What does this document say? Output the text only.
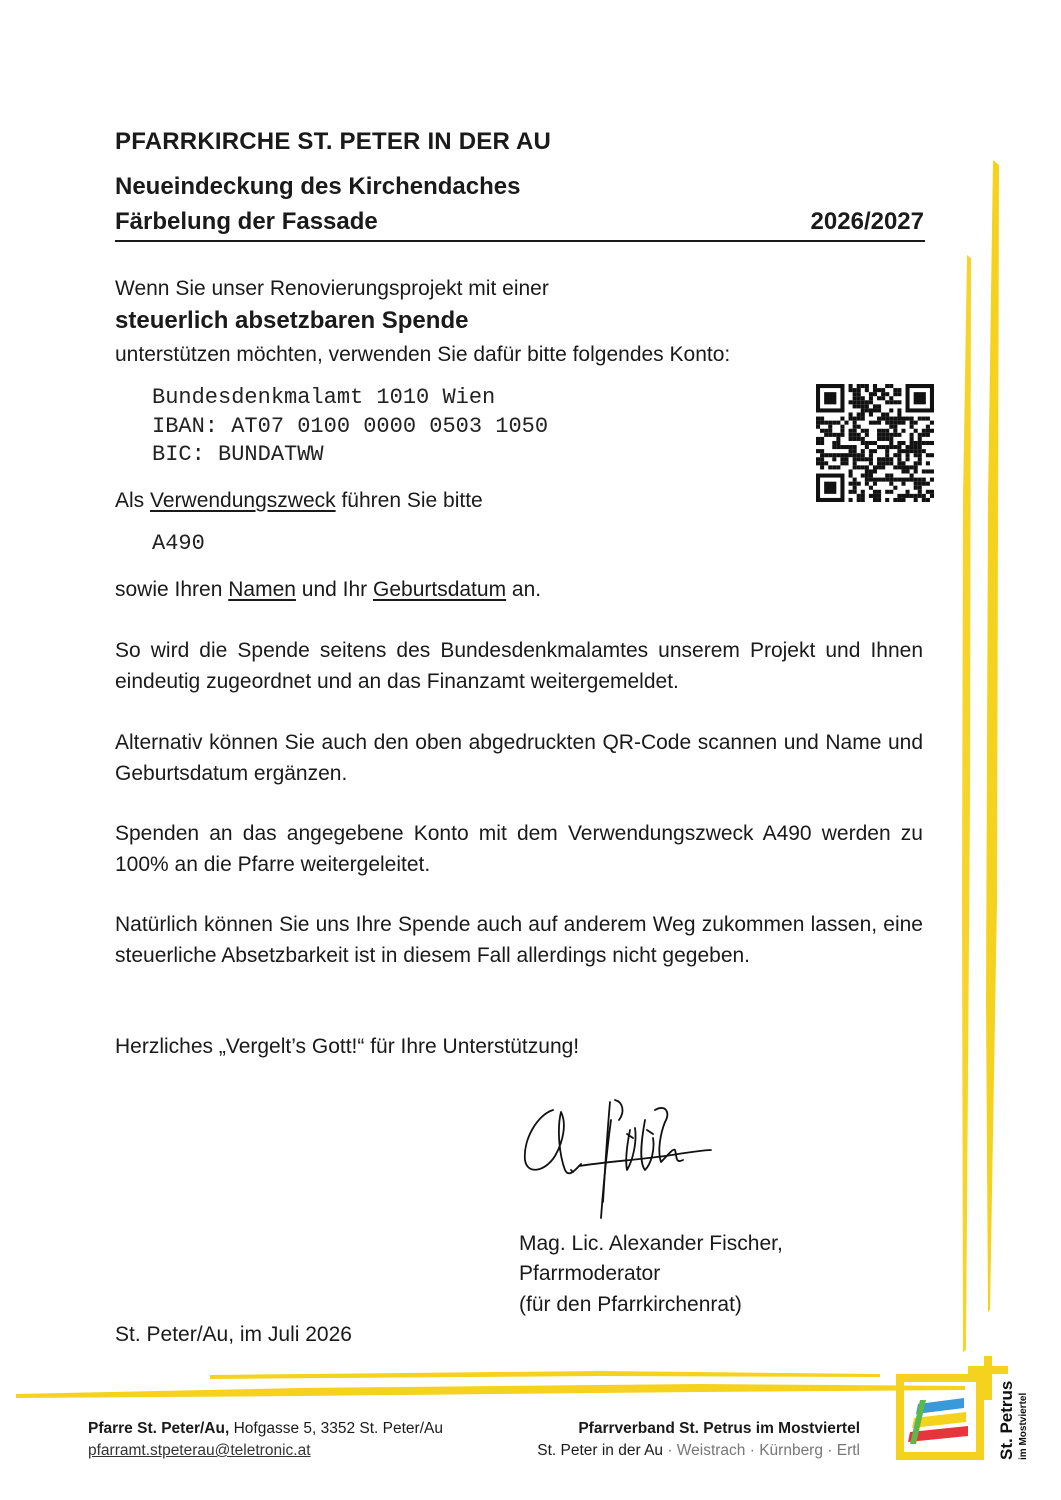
PFARRKIRCHE ST. PETER IN DER AU
Neueindeckung des Kirchendaches
Färbelung der Fassade	2026/2027
Wenn Sie unser Renovierungsprojekt mit einer
steuerlich absetzbaren Spende
unterstützen möchten, verwenden Sie dafür bitte folgendes Konto:
Bundesdenkmalamt 1010 Wien
IBAN: AT07 0100 0000 0503 1050
BIC: BUNDATWW
Als Verwendungszweck führen Sie bitte
A490
sowie Ihren Namen und Ihr Geburtsdatum an.
So wird die Spende seitens des Bundesdenkmalamtes unserem Projekt und Ihnen eindeutig zugeordnet und an das Finanzamt weitergemeldet.
Alternativ können Sie auch den oben abgedruckten QR-Code scannen und Name und Geburtsdatum ergänzen.
Spenden an das angegebene Konto mit dem Verwendungszweck A490 werden zu 100% an die Pfarre weitergeleitet.
Natürlich können Sie uns Ihre Spende auch auf anderem Weg zukommen lassen, eine steuerliche Absetzbarkeit ist in diesem Fall allerdings nicht gegeben.
Herzliches „Vergelt’s Gott!“ für Ihre Unterstützung!
Mag. Lic. Alexander Fischer,
Pfarrmoderator
(für den Pfarrkirchenrat)
St. Peter/Au, im Juli 2026
Pfarre St. Peter/Au, Hofgasse 5, 3352 St. Peter/Au
pfarramt.stpeterau@teletronic.at
Pfarrverband St. Petrus im Mostviertel
St. Peter in der Au · Weistrach · Kürnberg · Ertl	St. Petrus im Mostviertel
